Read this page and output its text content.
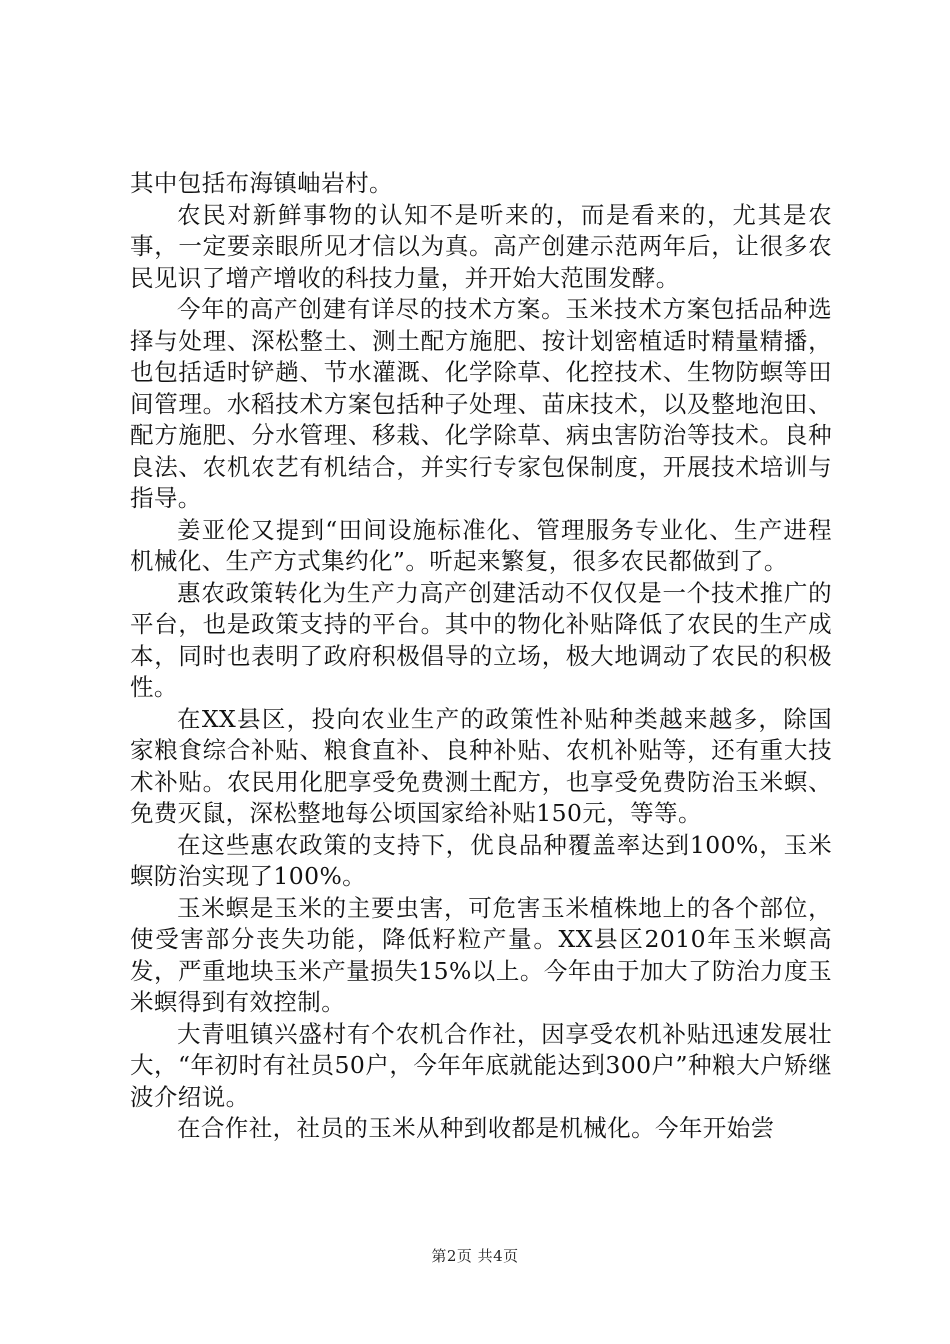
其中包括布海镇岫岩村。

农民对新鲜事物的认知不是听来的，而是看来的，尤其是农事，一定要亲眼所见才信以为真。高产创建示范两年后，让很多农民见识了增产增收的科技力量，并开始大范围发酵。

今年的高产创建有详尽的技术方案。玉米技术方案包括品种选择与处理、深松整土、测土配方施肥、按计划密植适时精量精播，也包括适时铲趟、节水灌溉、化学除草、化控技术、生物防螟等田间管理。水稻技术方案包括种子处理、苗床技术，以及整地泡田、配方施肥、分水管理、移栽、化学除草、病虫害防治等技术。良种良法、农机农艺有机结合，并实行专家包保制度，开展技术培训与指导。

姜亚伦又提到“田间设施标准化、管理服务专业化、生产进程机械化、生产方式集约化”。听起来繁复，很多农民都做到了。

惠农政策转化为生产力高产创建活动不仅仅是一个技术推广的平台，也是政策支持的平台。其中的物化补贴降低了农民的生产成本，同时也表明了政府积极倡导的立场，极大地调动了农民的积极性。

在XX县区，投向农业生产的政策性补贴种类越来越多，除国家粮食综合补贴、粮食直补、良种补贴、农机补贴等，还有重大技术补贴。农民用化肥享受免费测土配方，也享受免费防治玉米螟、免费灭鼠，深松整地每公顷国家给补贴150元，等等。

在这些惠农政策的支持下，优良品种覆盖率达到100%，玉米螟防治实现了100%。

玉米螟是玉米的主要虫害，可危害玉米植株地上的各个部位，使受害部分丧失功能，降低籽粒产量。XX县区2010年玉米螟高发，严重地块玉米产量损失15%以上。今年由于加大了防治力度玉米螟得到有效控制。

大青咀镇兴盛村有个农机合作社，因享受农机补贴迅速发展壮大，“年初时有社员50户，今年年底就能达到300户”种粮大户矫继波介绍说。

在合作社，社员的玉米从种到收都是机械化。今年开始尝

第2页 共4页
